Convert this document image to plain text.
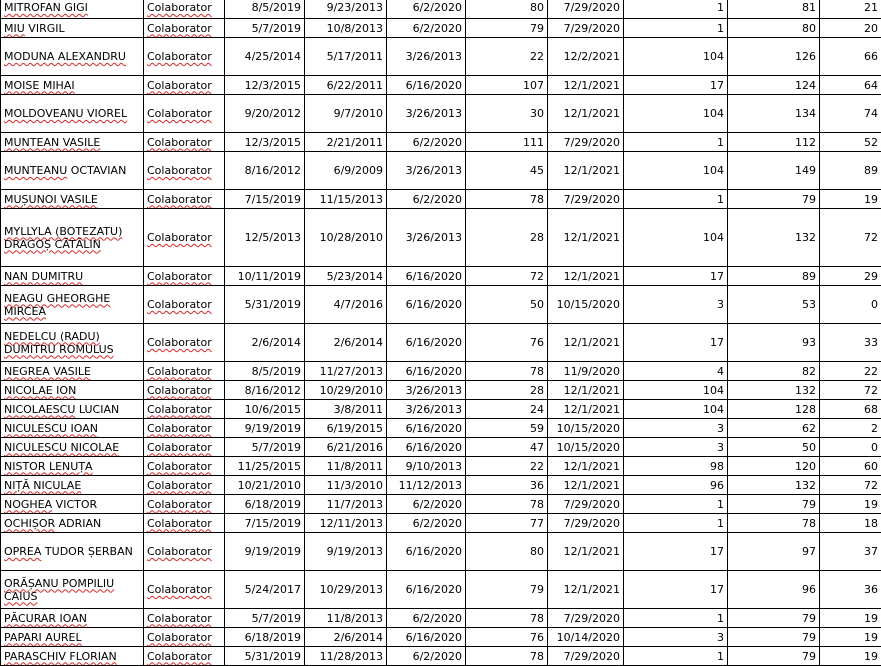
MITROFAN GIGI	Colaborator	8/5/2019	9/23/2013	6/2/2020	80	7/29/2020	1	81	21
MIU VIRGIL	Colaborator	5/7/2019	10/8/2013	6/2/2020	79	7/29/2020	1	80	20
MODUNA ALEXANDRU	Colaborator	4/25/2014	5/17/2011	3/26/2013	22	12/2/2021	104	126	66
MOISE MIHAI	Colaborator	12/3/2015	6/22/2011	6/16/2020	107	12/1/2021	17	124	64
MOLDOVEANU VIOREL	Colaborator	9/20/2012	9/7/2010	3/26/2013	30	12/1/2021	104	134	74
MUNTEAN VASILE	Colaborator	12/3/2015	2/21/2011	6/2/2020	111	7/29/2020	1	112	52
MUNTEANU OCTAVIAN	Colaborator	8/16/2012	6/9/2009	3/26/2013	45	12/1/2021	104	149	89
MUȘUNOI VASILE	Colaborator	7/15/2019	11/15/2013	6/2/2020	78	7/29/2020	1	79	19
MYLLYLA (BOTEZATU) DRAGOȘ CĂTĂLIN	Colaborator	12/5/2013	10/28/2010	3/26/2013	28	12/1/2021	104	132	72
NAN DUMITRU	Colaborator	10/11/2019	5/23/2014	6/16/2020	72	12/1/2021	17	89	29
NEAGU GHEORGHE MIRCEA	Colaborator	5/31/2019	4/7/2016	6/16/2020	50	10/15/2020	3	53	0
NEDELCU (RADU) DUMITRU ROMULUS	Colaborator	2/6/2014	2/6/2014	6/16/2020	76	12/1/2021	17	93	33
NEGREA VASILE	Colaborator	8/5/2019	11/27/2013	6/16/2020	78	11/9/2020	4	82	22
NICOLAE ION	Colaborator	8/16/2012	10/29/2010	3/26/2013	28	12/1/2021	104	132	72
NICOLAESCU LUCIAN	Colaborator	10/6/2015	3/8/2011	3/26/2013	24	12/1/2021	104	128	68
NICULESCU IOAN	Colaborator	9/19/2019	6/19/2015	6/16/2020	59	10/15/2020	3	62	2
NICULESCU NICOLAE	Colaborator	5/7/2019	6/21/2016	6/16/2020	47	10/15/2020	3	50	0
NISTOR LENUȚA	Colaborator	11/25/2015	11/8/2011	9/10/2013	22	12/1/2021	98	120	60
NIȚĂ NICULAE	Colaborator	10/21/2010	11/3/2010	11/12/2013	36	12/1/2021	96	132	72
NOGHEA VICTOR	Colaborator	6/18/2019	11/7/2013	6/2/2020	78	7/29/2020	1	79	19
OCHIȘOR ADRIAN	Colaborator	7/15/2019	12/11/2013	6/2/2020	77	7/29/2020	1	78	18
OPREA TUDOR ȘERBAN	Colaborator	9/19/2019	9/19/2013	6/16/2020	80	12/1/2021	17	97	37
ORĂȘANU POMPILIU CAIUS	Colaborator	5/24/2017	10/29/2013	6/16/2020	79	12/1/2021	17	96	36
PĂCURAR IOAN	Colaborator	5/7/2019	11/8/2013	6/2/2020	78	7/29/2020	1	79	19
PAPARI AUREL	Colaborator	6/18/2019	2/6/2014	6/16/2020	76	10/14/2020	3	79	19
PARASCHIV FLORIAN	Colaborator	5/31/2019	11/28/2013	6/2/2020	78	7/29/2020	1	79	19
